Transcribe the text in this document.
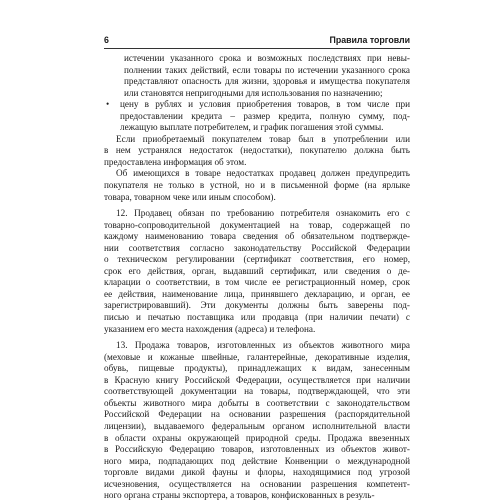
6	Правила торговли
истечении указанного срока и возможных последствиях при невы-
полнении таких действий, если товары по истечении указанного срока
представляют опасность для жизни, здоровья и имущества покупателя
или становятся непригодными для использования по назначению;
•	цену в рублях и условия приобретения товаров, в том числе при
предоставлении кредита – размер кредита, полную сумму, под-
лежащую выплате потребителем, и график погашения этой суммы.
Если приобретаемый покупателем товар был в употреблении или
в нем устранялся недостаток (недостатки), покупателю должна быть
предоставлена информация об этом.
Об имеющихся в товаре недостатках продавец должен предупредить
покупателя не только в устной, но и в письменной форме (на ярлыке
товара, товарном чеке или иным способом).
12. Продавец обязан по требованию потребителя ознакомить его с
товарно-сопроводительной документацией на товар, содержащей по
каждому наименованию товара сведения об обязательном подтвержде-
нии соответствия согласно законодательству Российской Федерации
о техническом регулировании (сертификат соответствия, его номер,
срок его действия, орган, выдавший сертификат, или сведения о де-
кларации о соответствии, в том числе ее регистрационный номер, срок
ее действия, наименование лица, принявшего декларацию, и орган, ее
зарегистрировавший). Эти документы должны быть заверены под-
писью и печатью поставщика или продавца (при наличии печати) с
указанием его места нахождения (адреса) и телефона.
13. Продажа товаров, изготовленных из объектов животного мира
(меховые и кожаные швейные, галантерейные, декоративные изделия,
обувь, пищевые продукты), принадлежащих к видам, занесенным
в Красную книгу Российской Федерации, осуществляется при наличии
соответствующей документации на товары, подтверждающей, что эти
объекты животного мира добыты в соответствии с законодательством
Российской Федерации на основании разрешения (распорядительной
лицензии), выдаваемого федеральным органом исполнительной власти
в области охраны окружающей природной среды. Продажа ввезенных
в Российскую Федерацию товаров, изготовленных из объектов живот-
ного мира, подпадающих под действие Конвенции о международной
торговле видами дикой фауны и флоры, находящимися под угрозой
исчезновения, осуществляется на основании разрешения компетент-
ного органа страны экспортера, а товаров, конфискованных в резуль-
